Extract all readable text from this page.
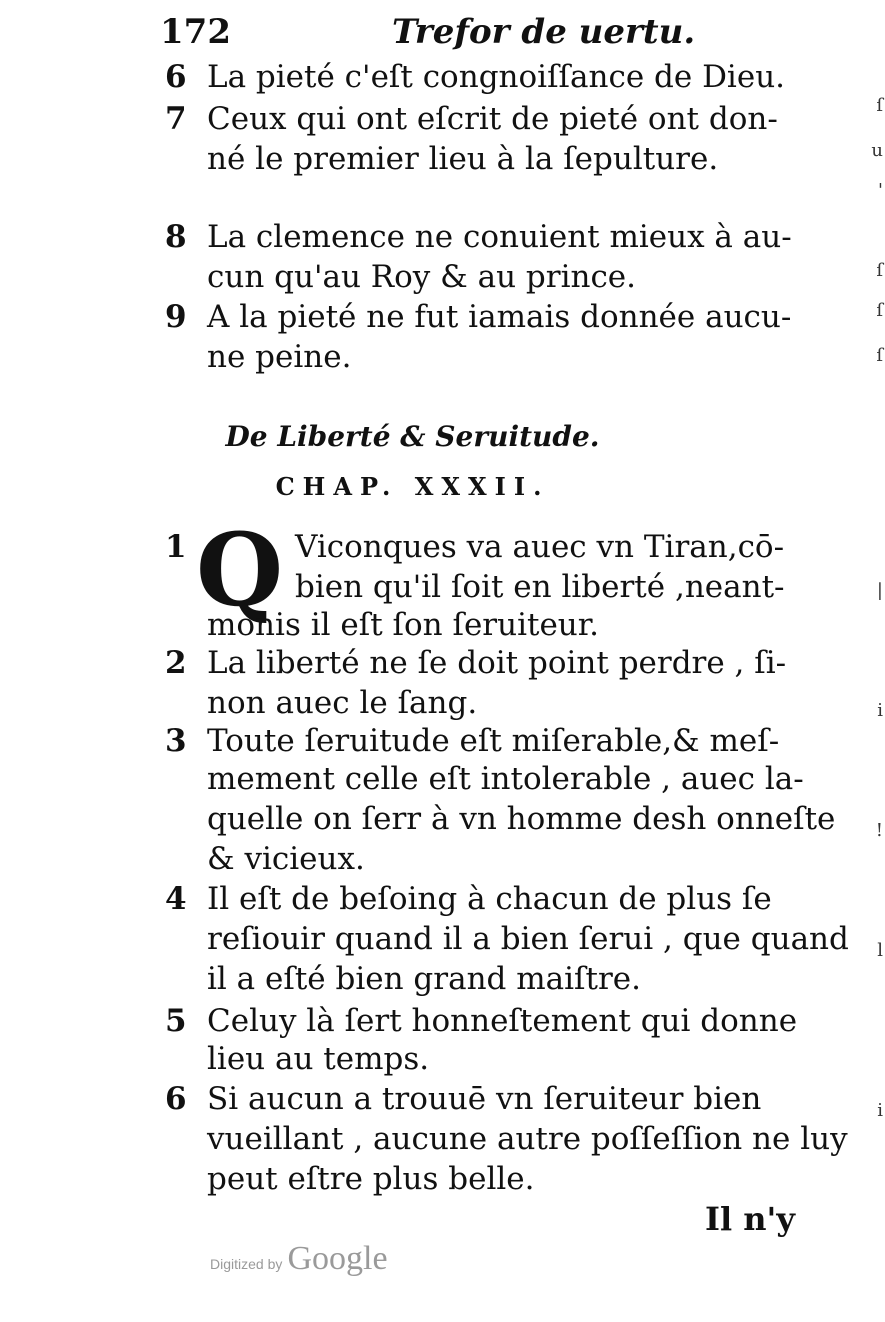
172	Trefor de uertu.
6 La pieté c'eſt congnoiſſance de Dieu.
7 Ceux qui ont eſcrit de pieté ont don-
né le premier lieu à la ſepulture.
8 La clemence ne conuient mieux à au-
cun qu'au Roy & au prince.
9 A la pieté ne fut iamais donnée aucu-
ne peine.
De Liberté & Seruitude.
CHAP. XXXII.
Q
1	Viconques va auec vn Tiran,cō-
bien qu'il ſoit en liberté ,neant-
monis il eſt ſon ſeruiteur.
2 La liberté ne ſe doit point perdre , ſi-
non auec le ſang.
3 Toute ſeruitude eſt miſerable,& meſ-
mement celle eſt intolerable , auec la-
quelle on ſerr à vn homme desh onneſte
& vicieux.
4 Il eſt de beſoing à chacun de plus ſe
reſiouir quand il a bien ſerui , que quand
il a eſté bien grand maiſtre.
5 Celuy là ſert honneſtement qui donne
lieu au temps.
6 Si aucun a trouuē vn ſeruiteur bien
vueillant , aucune autre poſſeſſion ne luy
peut eſtre plus belle.
Il n'y
Digitized by Google
ſ
u
'
ſ
ſ
ſ
|
i
!
l
i
